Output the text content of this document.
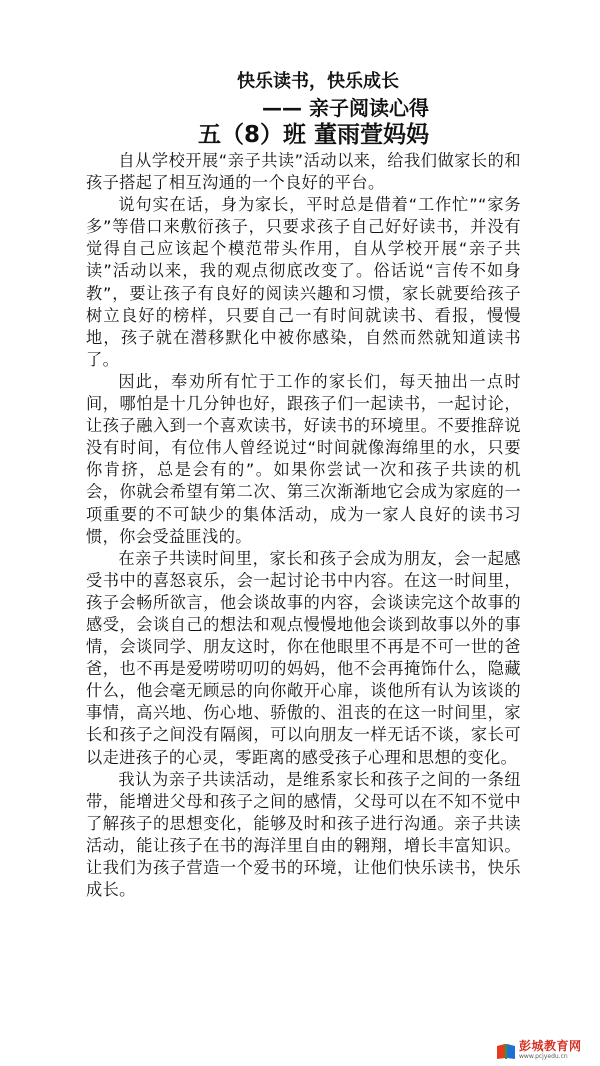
快乐读书，快乐成长
—— 亲子阅读心得
五（8）班 董雨萱妈妈

自从学校开展“亲子共读”活动以来，给我们做家长的和孩子搭起了相互沟通的一个良好的平台。

说句实在话，身为家长，平时总是借着“工作忙”“家务多”等借口来敷衍孩子，只要求孩子自己好好读书，并没有觉得自己应该起个模范带头作用，自从学校开展“亲子共读”活动以来，我的观点彻底改变了。俗话说“言传不如身教”，要让孩子有良好的阅读兴趣和习惯，家长就要给孩子树立良好的榜样，只要自己一有时间就读书、看报，慢慢地，孩子就在潜移默化中被你感染，自然而然就知道读书了。

因此，奉劝所有忙于工作的家长们，每天抽出一点时间，哪怕是十几分钟也好，跟孩子们一起读书，一起讨论，让孩子融入到一个喜欢读书，好读书的环境里。不要推辞说没有时间，有位伟人曾经说过“时间就像海绵里的水，只要你肯挤，总是会有的”。如果你尝试一次和孩子共读的机会，你就会希望有第二次、第三次渐渐地它会成为家庭的一项重要的不可缺少的集体活动，成为一家人良好的读书习惯，你会受益匪浅的。

在亲子共读时间里，家长和孩子会成为朋友，会一起感受书中的喜怒哀乐，会一起讨论书中内容。在这一时间里，孩子会畅所欲言，他会谈故事的内容，会谈读完这个故事的感受，会谈自己的想法和观点慢慢地他会谈到故事以外的事情，会谈同学、朋友这时，你在他眼里不再是不可一世的爸爸，也不再是爱唠唠叨叨的妈妈，他不会再掩饰什么，隐藏什么，他会毫无顾忌的向你敞开心扉，谈他所有认为该谈的事情，高兴地、伤心地、骄傲的、沮丧的在这一时间里，家长和孩子之间没有隔阂，可以向朋友一样无话不谈，家长可以走进孩子的心灵，零距离的感受孩子心理和思想的变化。

我认为亲子共读活动，是维系家长和孩子之间的一条纽带，能增进父母和孩子之间的感情，父母可以在不知不觉中了解孩子的思想变化，能够及时和孩子进行沟通。亲子共读活动，能让孩子在书的海洋里自由的翱翔，增长丰富知识。让我们为孩子营造一个爱书的环境，让他们快乐读书，快乐成长。

彭城教育网
www.pcjyedu.cn
